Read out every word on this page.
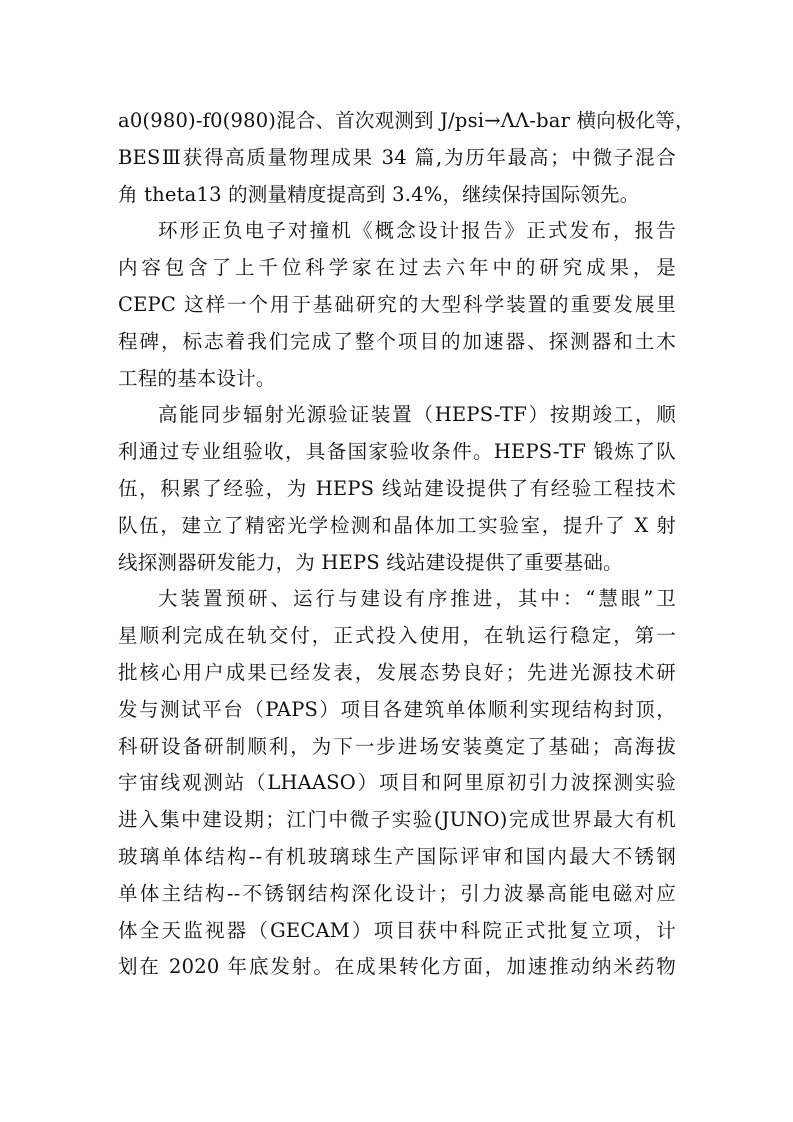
a0(980)-f0(980)混合、首次观测到 J/psi→ΛΛ-bar 横向极化等，
BESⅢ获得高质量物理成果 34 篇,为历年最高；中微子混合
角 theta13 的测量精度提高到 3.4%，继续保持国际领先。
环形正负电子对撞机《概念设计报告》正式发布，报告
内容包含了上千位科学家在过去六年中的研究成果，是
CEPC 这样一个用于基础研究的大型科学装置的重要发展里
程碑，标志着我们完成了整个项目的加速器、探测器和土木
工程的基本设计。
高能同步辐射光源验证装置（HEPS-TF）按期竣工，顺
利通过专业组验收，具备国家验收条件。HEPS-TF 锻炼了队
伍，积累了经验，为 HEPS 线站建设提供了有经验工程技术
队伍，建立了精密光学检测和晶体加工实验室，提升了 X 射
线探测器研发能力，为 HEPS 线站建设提供了重要基础。
大装置预研、运行与建设有序推进，其中：“慧眼”卫
星顺利完成在轨交付，正式投入使用，在轨运行稳定，第一
批核心用户成果已经发表，发展态势良好；先进光源技术研
发与测试平台（PAPS）项目各建筑单体顺利实现结构封顶，
科研设备研制顺利，为下一步进场安装奠定了基础；高海拔
宇宙线观测站（LHAASO）项目和阿里原初引力波探测实验
进入集中建设期；江门中微子实验(JUNO)完成世界最大有机
玻璃单体结构--有机玻璃球生产国际评审和国内最大不锈钢
单体主结构--不锈钢结构深化设计；引力波暴高能电磁对应
体全天监视器（GECAM）项目获中科院正式批复立项，计
划在 2020 年底发射。在成果转化方面，加速推动纳米药物
